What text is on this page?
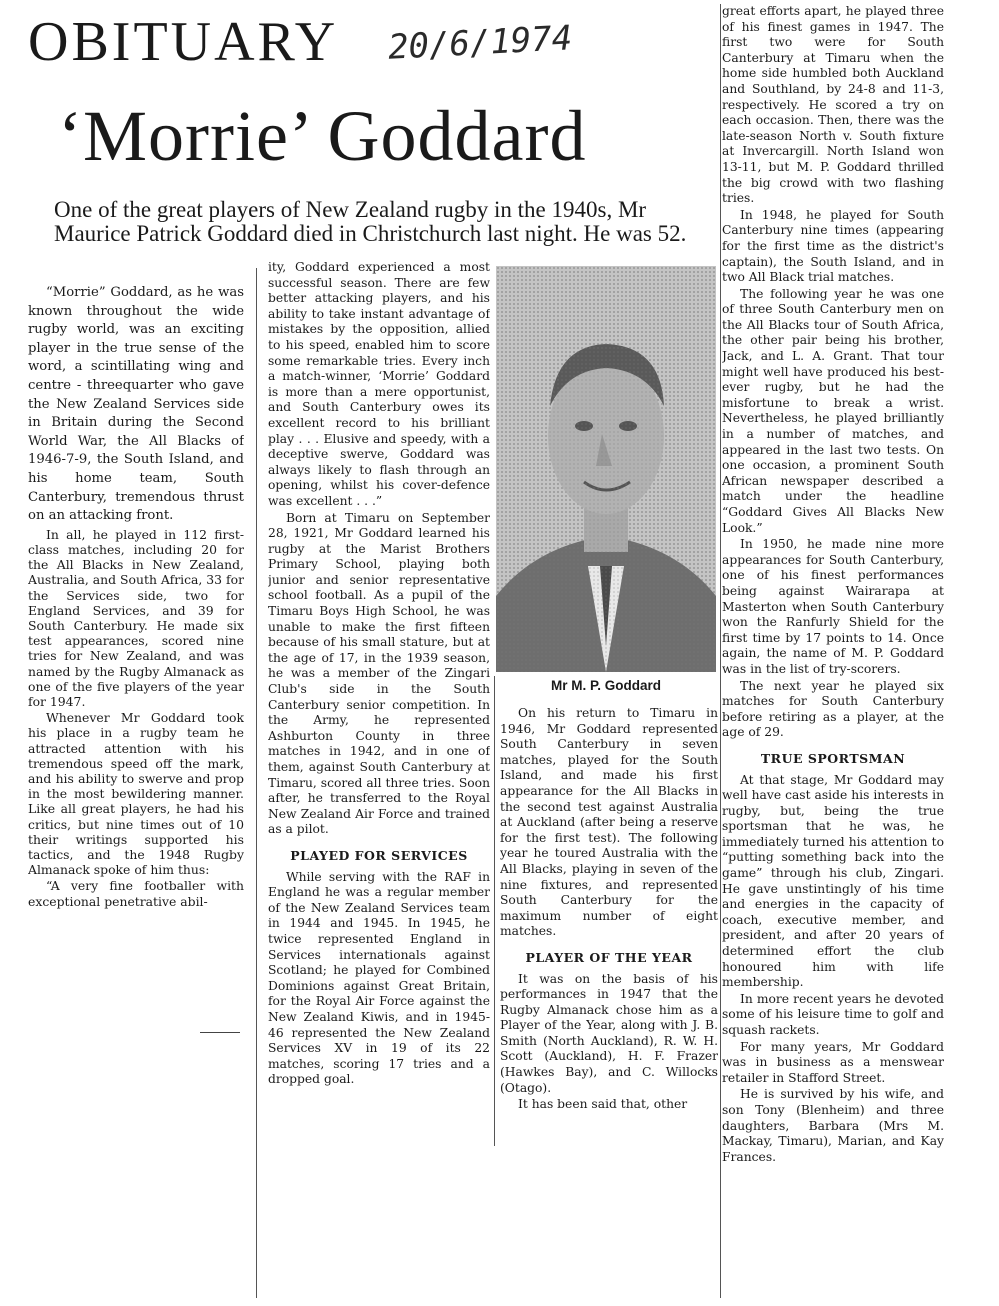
OBITUARY 20/6/1974
‘Morrie’ Goddard

One of the great players of New Zealand rugby in the 1940s, Mr Maurice Patrick Goddard died in Christchurch last night. He was 52.

“Morrie” Goddard, as he was known throughout the wide rugby world, was an exciting player in the true sense of the word, a scintillating wing and centre - threequarter who gave the New Zealand Services side in Britain during the Second World War, the All Blacks of 1946-7-9, the South Island, and his home team, South Canterbury, tremendous thrust on an attacking front.

In all, he played in 112 first-class matches, including 20 for the All Blacks in New Zealand, Australia, and South Africa, 33 for the Services side, two for England Services, and 39 for South Canterbury. He made six test appearances, scored nine tries for New Zealand, and was named by the Rugby Almanack as one of the five players of the year for 1947.

Whenever Mr Goddard took his place in a rugby team he attracted attention with his tremendous speed off the mark, and his ability to swerve and prop in the most bewildering manner. Like all great players, he had his critics, but nine times out of 10 their writings supported his tactics, and the 1948 Rugby Almanack spoke of him thus:

“A very fine footballer with exceptional penetrative abil-

ity, Goddard experienced a most successful season. There are few better attacking players, and his ability to take instant advantage of mistakes by the opposition, allied to his speed, enabled him to score some remarkable tries. Every inch a match-winner, ‘Morrie’ Goddard is more than a mere opportunist, and South Canterbury owes its excellent record to his brilliant play . . . Elusive and speedy, with a deceptive swerve, Goddard was always likely to flash through an opening, whilst his cover-defence was excellent . . .”

Born at Timaru on September 28, 1921, Mr Goddard learned his rugby at the Marist Brothers Primary School, playing both junior and senior representative school football. As a pupil of the Timaru Boys High School, he was unable to make the first fifteen because of his small stature, but at the age of 17, in the 1939 season, he was a member of the Zingari Club's side in the South Canterbury senior competition. In the Army, he represented Ashburton County in three matches in 1942, and in one of them, against South Canterbury at Timaru, scored all three tries. Soon after, he transferred to the Royal New Zealand Air Force and trained as a pilot.

PLAYED FOR SERVICES

While serving with the RAF in England he was a regular member of the New Zealand Services team in 1944 and 1945. In 1945, he twice represented England in Services internationals against Scotland; he played for Combined Dominions against Great Britain, for the Royal Air Force against the New Zealand Kiwis, and in 1945-46 represented the New Zealand Services XV in 19 of its 22 matches, scoring 17 tries and a dropped goal.

Mr M. P. Goddard

On his return to Timaru in 1946, Mr Goddard represented South Canterbury in seven matches, played for the South Island, and made his first appearance for the All Blacks in the second test against Australia at Auckland (after being a reserve for the first test). The following year he toured Australia with the All Blacks, playing in seven of the nine fixtures, and represented South Canterbury for the maximum number of eight matches.

PLAYER OF THE YEAR

It was on the basis of his performances in 1947 that the Rugby Almanack chose him as a Player of the Year, along with J. B. Smith (North Auckland), R. W. H. Scott (Auckland), H. F. Frazer (Hawkes Bay), and C. Willocks (Otago).

It has been said that, other

great efforts apart, he played three of his finest games in 1947. The first two were for South Canterbury at Timaru when the home side humbled both Auckland and Southland, by 24-8 and 11-3, respectively. He scored a try on each occasion. Then, there was the late-season North v. South fixture at Invercargill. North Island won 13-11, but M. P. Goddard thrilled the big crowd with two flashing tries.

In 1948, he played for South Canterbury nine times (appearing for the first time as the district's captain), the South Island, and in two All Black trial matches.

The following year he was one of three South Canterbury men on the All Blacks tour of South Africa, the other pair being his brother, Jack, and L. A. Grant. That tour might well have produced his best-ever rugby, but he had the misfortune to break a wrist. Nevertheless, he played brilliantly in a number of matches, and appeared in the last two tests. On one occasion, a prominent South African newspaper described a match under the headline “Goddard Gives All Blacks New Look.”

In 1950, he made nine more appearances for South Canterbury, one of his finest performances being against Wairarapa at Masterton when South Canterbury won the Ranfurly Shield for the first time by 17 points to 14. Once again, the name of M. P. Goddard was in the list of try-scorers.

The next year he played six matches for South Canterbury before retiring as a player, at the age of 29.

TRUE SPORTSMAN

At that stage, Mr Goddard may well have cast aside his interests in rugby, but, being the true sportsman that he was, he immediately turned his attention to “putting something back into the game” through his club, Zingari. He gave unstintingly of his time and energies in the capacity of coach, executive member, and president, and after 20 years of determined effort the club honoured him with life membership.

In more recent years he devoted some of his leisure time to golf and squash rackets.

For many years, Mr Goddard was in business as a menswear retailer in Stafford Street.

He is survived by his wife, and son Tony (Blenheim) and three daughters, Barbara (Mrs M. Mackay, Timaru), Marian, and Kay Frances.
